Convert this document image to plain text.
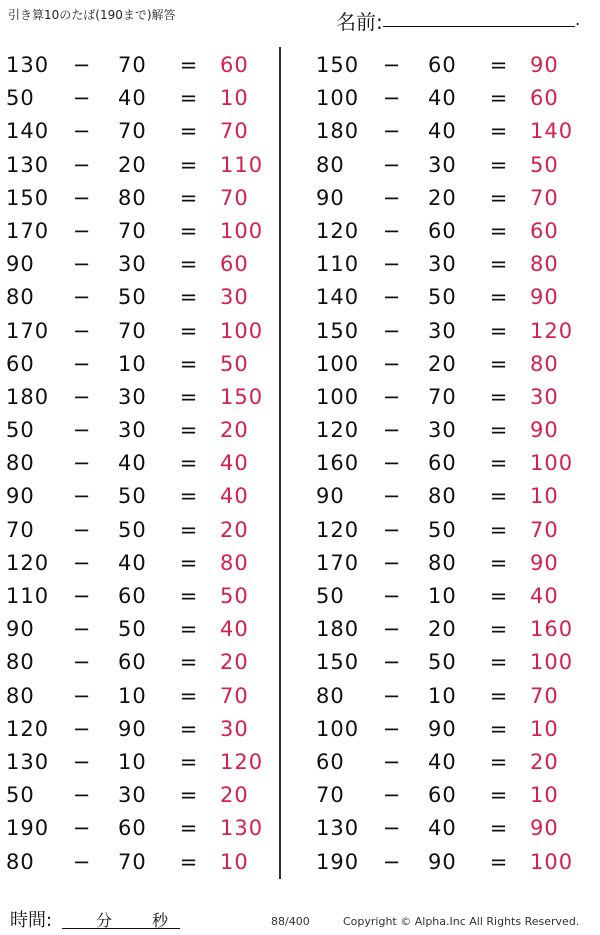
引き算10のたば(190まで)解答	名前:	.
130	− 70	= 60
50	− 40	= 10
140	− 70	= 70
130	− 20	= 110
150	− 80	= 70
170	− 70	= 100
90	− 30	= 60
80	− 50	= 30
170	− 70	= 100
60	− 10	= 50
180	− 30	= 150
50	− 30	= 20
80	− 40	= 40
90	− 50	= 40
70	− 50	= 20
120	− 40	= 80
110	− 60	= 50
90	− 50	= 40
80	− 60	= 20
80	− 10	= 70
120	− 90	= 30
130	− 10	= 120
50	− 30	= 20
190	− 60	= 130
80	− 70	= 10
150	− 60	= 90
100	− 40	= 60
180	− 40	= 140
80	− 30	= 50
90	− 20	= 70
120	− 60	= 60
110	− 30	= 80
140	− 50	= 90
150	− 30	= 120
100	− 20	= 80
100	− 70	= 30
120	− 30	= 90
160	− 60	= 100
90	− 80	= 10
120	− 50	= 70
170	− 80	= 90
50	− 10	= 40
180	− 20	= 160
150	− 50	= 100
80	− 10	= 70
100	− 90	= 10
60	− 40	= 20
70	− 60	= 10
130	− 40	= 90
190	− 90	= 100
時間:	分 秒	88/400	Copyright © Alpha.Inc All Rights Reserved.
